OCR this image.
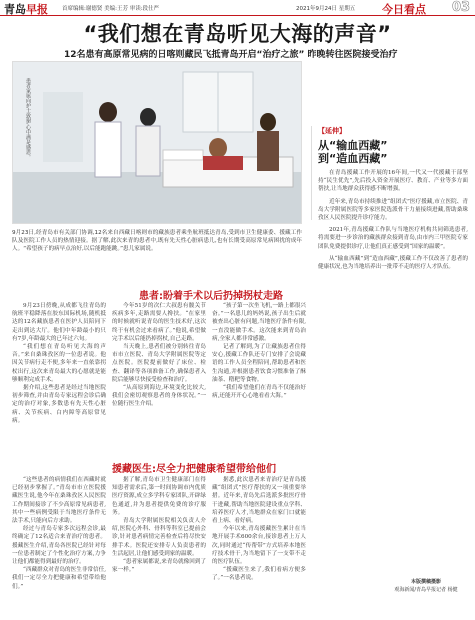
青岛早报	首席编辑:谢德贤 美编:王芳 审读:段仕严	2021年9月24日 星期五 今日看点 03
“我们想在青岛听见大海的声音”
12名患有高原常见病的日喀则藏民飞抵青岛开启“治疗之旅” 昨晚转往医院接受治疗
患者家属向护士致谢,心中满是感恩。	【延伸】
从“输血西藏”
到“造血西藏”
在青岛援藏工作开展的16年间,一代又一代援藏干部坚持“民生优先”,先后投入资金开展医疗、教育、产业等多方面帮扶,让当地群众获得感不断增强。
近年来,青岛市持续推进“组团式”医疗援藏,市立医院、青岛大学附属医院等多家医院选派骨干力量接续进藏,帮助桑珠孜区人民医院提升诊疗能力。
2021年,青岛援藏工作队与当地医疗机构共同筛选患者,将需要进一步诊治的藏族群众接到青岛,由市内三甲医院专家团队免费提供诊疗,让他们真正感受到“国家的温暖”。
从“输血西藏”到“造血西藏”,援藏工作不仅改善了患者的健康状况,也为当地培养出一批带不走的医疗人才队伍。
9月23日,经青岛市有关部门协调,12名来自西藏日喀则市的藏族患者乘坐航班抵达青岛,受到市卫生健康委、援藏工作队及医院工作人员的热情迎接。据了解,此次来青的患者中,既有先天性心脏病患儿,也有长期受高原常见病困扰的成年人。“希望孩子的病早点治好,以后能跑能跳。”患儿家属说。
患者:盼着手术以后扔掉拐杖走路

9月23日傍晚,从成都飞往青岛的航班平稳降落在胶东国际机场,随机抵达的12名藏族患者在医护人员陪同下走出到达大厅。他们中年龄最小的只有7岁,年龄最大的已年过六旬。

“我们想在青岛听见大海的声音。”来自桑珠孜区的一位患者说。他因关节病行走不便,多年来一直依靠拐杖出行,这次来青岛最大的心愿就是能够顺利完成手术。

据介绍,这些患者是经过当地医院初步筛查,并由青岛专家远程会诊后确定的治疗对象,多数患有先天性心脏病、关节疾病、白内障等高原常见病。

今年51岁的次仁大叔患有髋关节疾病多年,走路需要人搀扶。“在家里的时候就听说青岛的医生技术好,这次终于有机会过来看病了。”他说,希望做完手术以后能扔掉拐杖,自己走路。

当天晚上,患者们被分别转往青岛市市立医院、青岛大学附属医院等定点医院。医院提前做好了床位、检查、翻译等各项准备工作,确保患者入院后能够尽快接受检查和治疗。

“从高原到海边,环境变化比较大,我们会密切观察患者的身体状况。”一位随行医生介绍。

“孩子第一次坐飞机,一路上都很兴奋。”一名患儿的妈妈说,孩子出生后就被查出心脏有问题,当地医疗条件有限,一直没能做手术。这次能来到青岛治病,全家人都非常感激。

记者了解到,为了让藏族患者住得安心,援藏工作队还专门安排了会说藏语的工作人员全程陪同,帮助患者和医生沟通,并根据患者饮食习惯准备了酥油茶、糌粑等食物。

“我们希望他们在青岛不仅能治好病,还能开开心心地看看大海。”

援藏医生:尽全力把健康希望带给他们

“这些患者的病情我们在西藏时就已经初步掌握了。”青岛市市立医院援藏医生说,他今年在桑珠孜区人民医院工作期间接诊了不少高原常见病患者,其中一些病例受限于当地医疗条件无法手术,只能向后方求助。

经过与青岛专家多次远程会诊,最终确定了12名适合来青治疗的患者。援藏医生介绍,青岛各医院已经针对每一位患者制定了个性化治疗方案,力争让他们都能得到最好的治疗。

“西藏群众对青岛的医生非常信任,我们一定尽全力把健康和希望带给他们。”

据了解,青岛市卫生健康部门在得知患者需求后,第一时间协调市内优质医疗资源,成立多学科专家团队,开辟绿色通道,并为患者提供免费的诊疗服务。

青岛大学附属医院相关负责人介绍,医院心外科、骨科等科室已提前会诊,针对患者病情完善检查后将尽快安排手术。医院还安排专人负责患者的生活起居,让他们感受到家的温暖。

“患者家属都说,来青岛就像回到了家一样。”

据悉,此次患者来青治疗是青岛援藏“组团式”医疗帮扶的又一项重要举措。近年来,青岛先后选派多批医疗骨干进藏,帮助当地医院建设重点学科、培养医疗人才,当地群众在家门口就能看上病、看好病。

今年以来,青岛援藏医生累计在当地开展手术600余台,接诊患者上万人次,同时通过“传帮带”方式培养本地医疗技术骨干,为当地留下了一支带不走的医疗队伍。

“援藏医生来了,我们看病方便多了。”一名患者说。

本版撰稿摄影
观海新闻/青岛早报记者 杨健
